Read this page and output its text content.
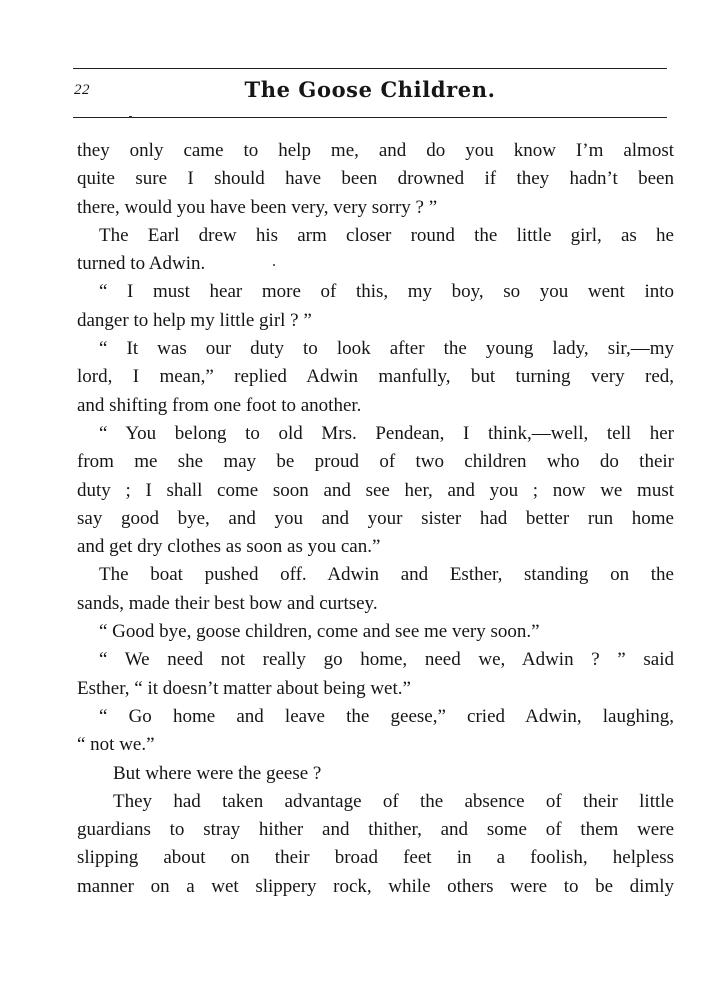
22	The Goose Children.
they only came to help me, and do you know I’m almost
quite sure I should have been drowned if they hadn’t been
there, would you have been very, very sorry ? ”
The Earl drew his arm closer round the little girl, as he
turned to Adwin.
“ I must hear more of this, my boy, so you went into
danger to help my little girl ? ”
“ It was our duty to look after the young lady, sir,—my
lord, I mean,” replied Adwin manfully, but turning very red,
and shifting from one foot to another.
“ You belong to old Mrs. Pendean, I think,—well, tell her
from me she may be proud of two children who do their
duty ; I shall come soon and see her, and you ; now we must
say good bye, and you and your sister had better run home
and get dry clothes as soon as you can.”
The boat pushed off. Adwin and Esther, standing on the
sands, made their best bow and curtsey.
“ Good bye, goose children, come and see me very soon.”
“ We need not really go home, need we, Adwin ? ” said
Esther, “ it doesn’t matter about being wet.”
“ Go home and leave the geese,” cried Adwin, laughing,
“ not we.”
But where were the geese ?
They had taken advantage of the absence of their little
guardians to stray hither and thither, and some of them were
slipping about on their broad feet in a foolish, helpless
manner on a wet slippery rock, while others were to be dimly
